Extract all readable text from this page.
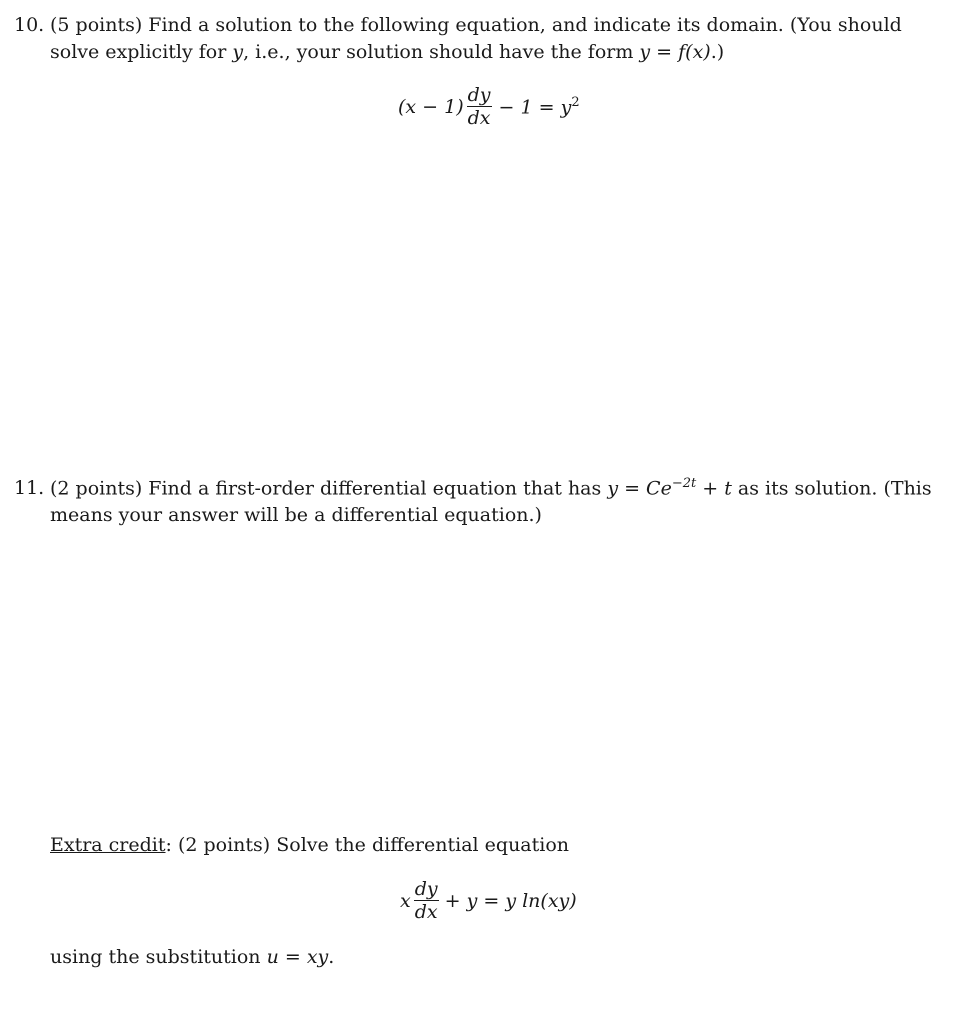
10. (5 points) Find a solution to the following equation, and indicate its domain. (You should
solve explicitly for y, i.e., your solution should have the form y = f(x).)
$(x - 1) \frac{dy}{dx} - 1 = y^2$
11. (2 points) Find a first-order differential equation that has $y = Ce^{-2t} + t$ as its solution. (This
means your answer will be a differential equation.)
Extra credit: (2 points) Solve the differential equation
x $\frac{dy}{dx} + y = y$ ln(xy)
using the substitution u = xy.
